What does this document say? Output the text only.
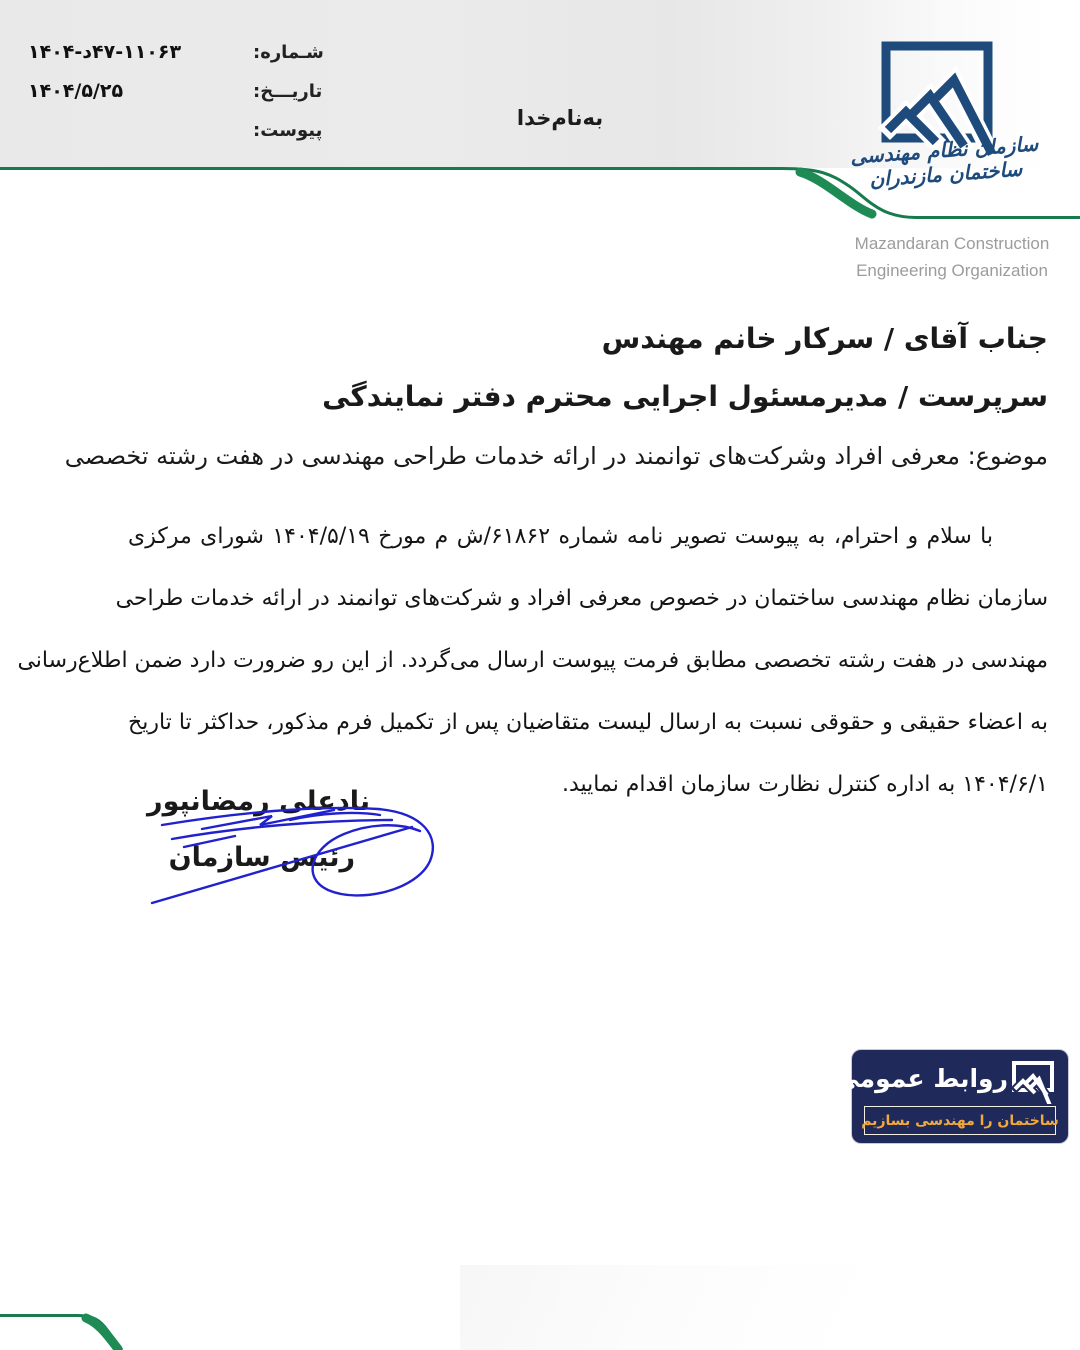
شـماره:
۱۴۰۴-د۴۷-۱۱۰۶۳
تاریـــخ:
۱۴۰۴/۵/۲۵
پیوست:
به‌نام‌خدا
سازمان نظام مهندسی ساختمان مازندران
Mazandaran Construction
Engineering Organization
جناب آقای / سرکار خانم مهندس
سرپرست / مدیرمسئول اجرایی محترم دفتر نمایندگی
موضوع: معرفی افراد وشرکت‌های توانمند در ارائه خدمات طراحی مهندسی در هفت رشته تخصصی
با سلام و احترام، به پیوست تصویر نامه شماره ۶۱۸۶۲/ش م مورخ ۱۴۰۴/۵/۱۹ شورای مرکزی
سازمان نظام مهندسی ساختمان در خصوص معرفی افراد و شرکت‌های توانمند در ارائه خدمات طراحی
مهندسی در هفت رشته تخصصی مطابق فرمت پیوست ارسال می‌گردد. از این رو ضرورت دارد ضمن اطلاع‌رسانی
به اعضاء حقیقی و حقوقی نسبت به ارسال لیست متقاضیان پس از تکمیل فرم مذکور، حداکثر تا تاریخ
۱۴۰۴/۶/۱ به اداره کنترل نظارت سازمان اقدام نمایید.
نادعلی رمضانپور
رئیس سازمان
روابط عمومی
ساختمان را مهندسی بسازیم
